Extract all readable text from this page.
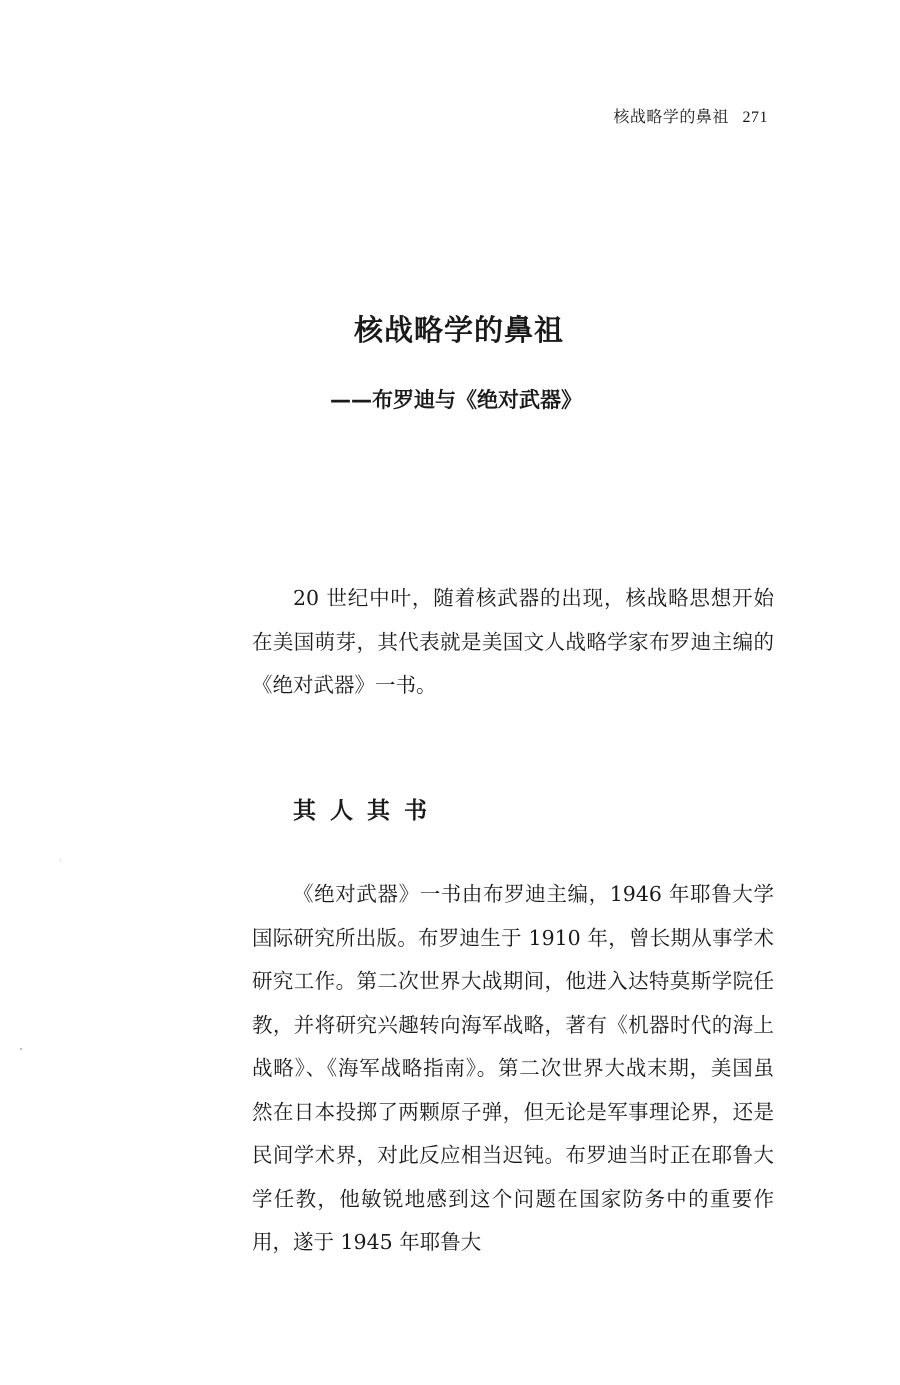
核战略学的鼻祖 271
核战略学的鼻祖
——布罗迪与《绝对武器》

20 世纪中叶，随着核武器的出现，核战略思想开始在美国萌芽，其代表就是美国文人战略学家布罗迪主编的《绝对武器》一书。

其人其书

《绝对武器》一书由布罗迪主编，1946 年耶鲁大学国际研究所出版。布罗迪生于 1910 年，曾长期从事学术研究工作。第二次世界大战期间，他进入达特莫斯学院任教，并将研究兴趣转向海军战略，著有《机器时代的海上战略》、《海军战略指南》。第二次世界大战末期，美国虽然在日本投掷了两颗原子弹，但无论是军事理论界，还是民间学术界，对此反应相当迟钝。布罗迪当时正在耶鲁大学任教，他敏锐地感到这个问题在国家防务中的重要作用，遂于 1945 年耶鲁大
